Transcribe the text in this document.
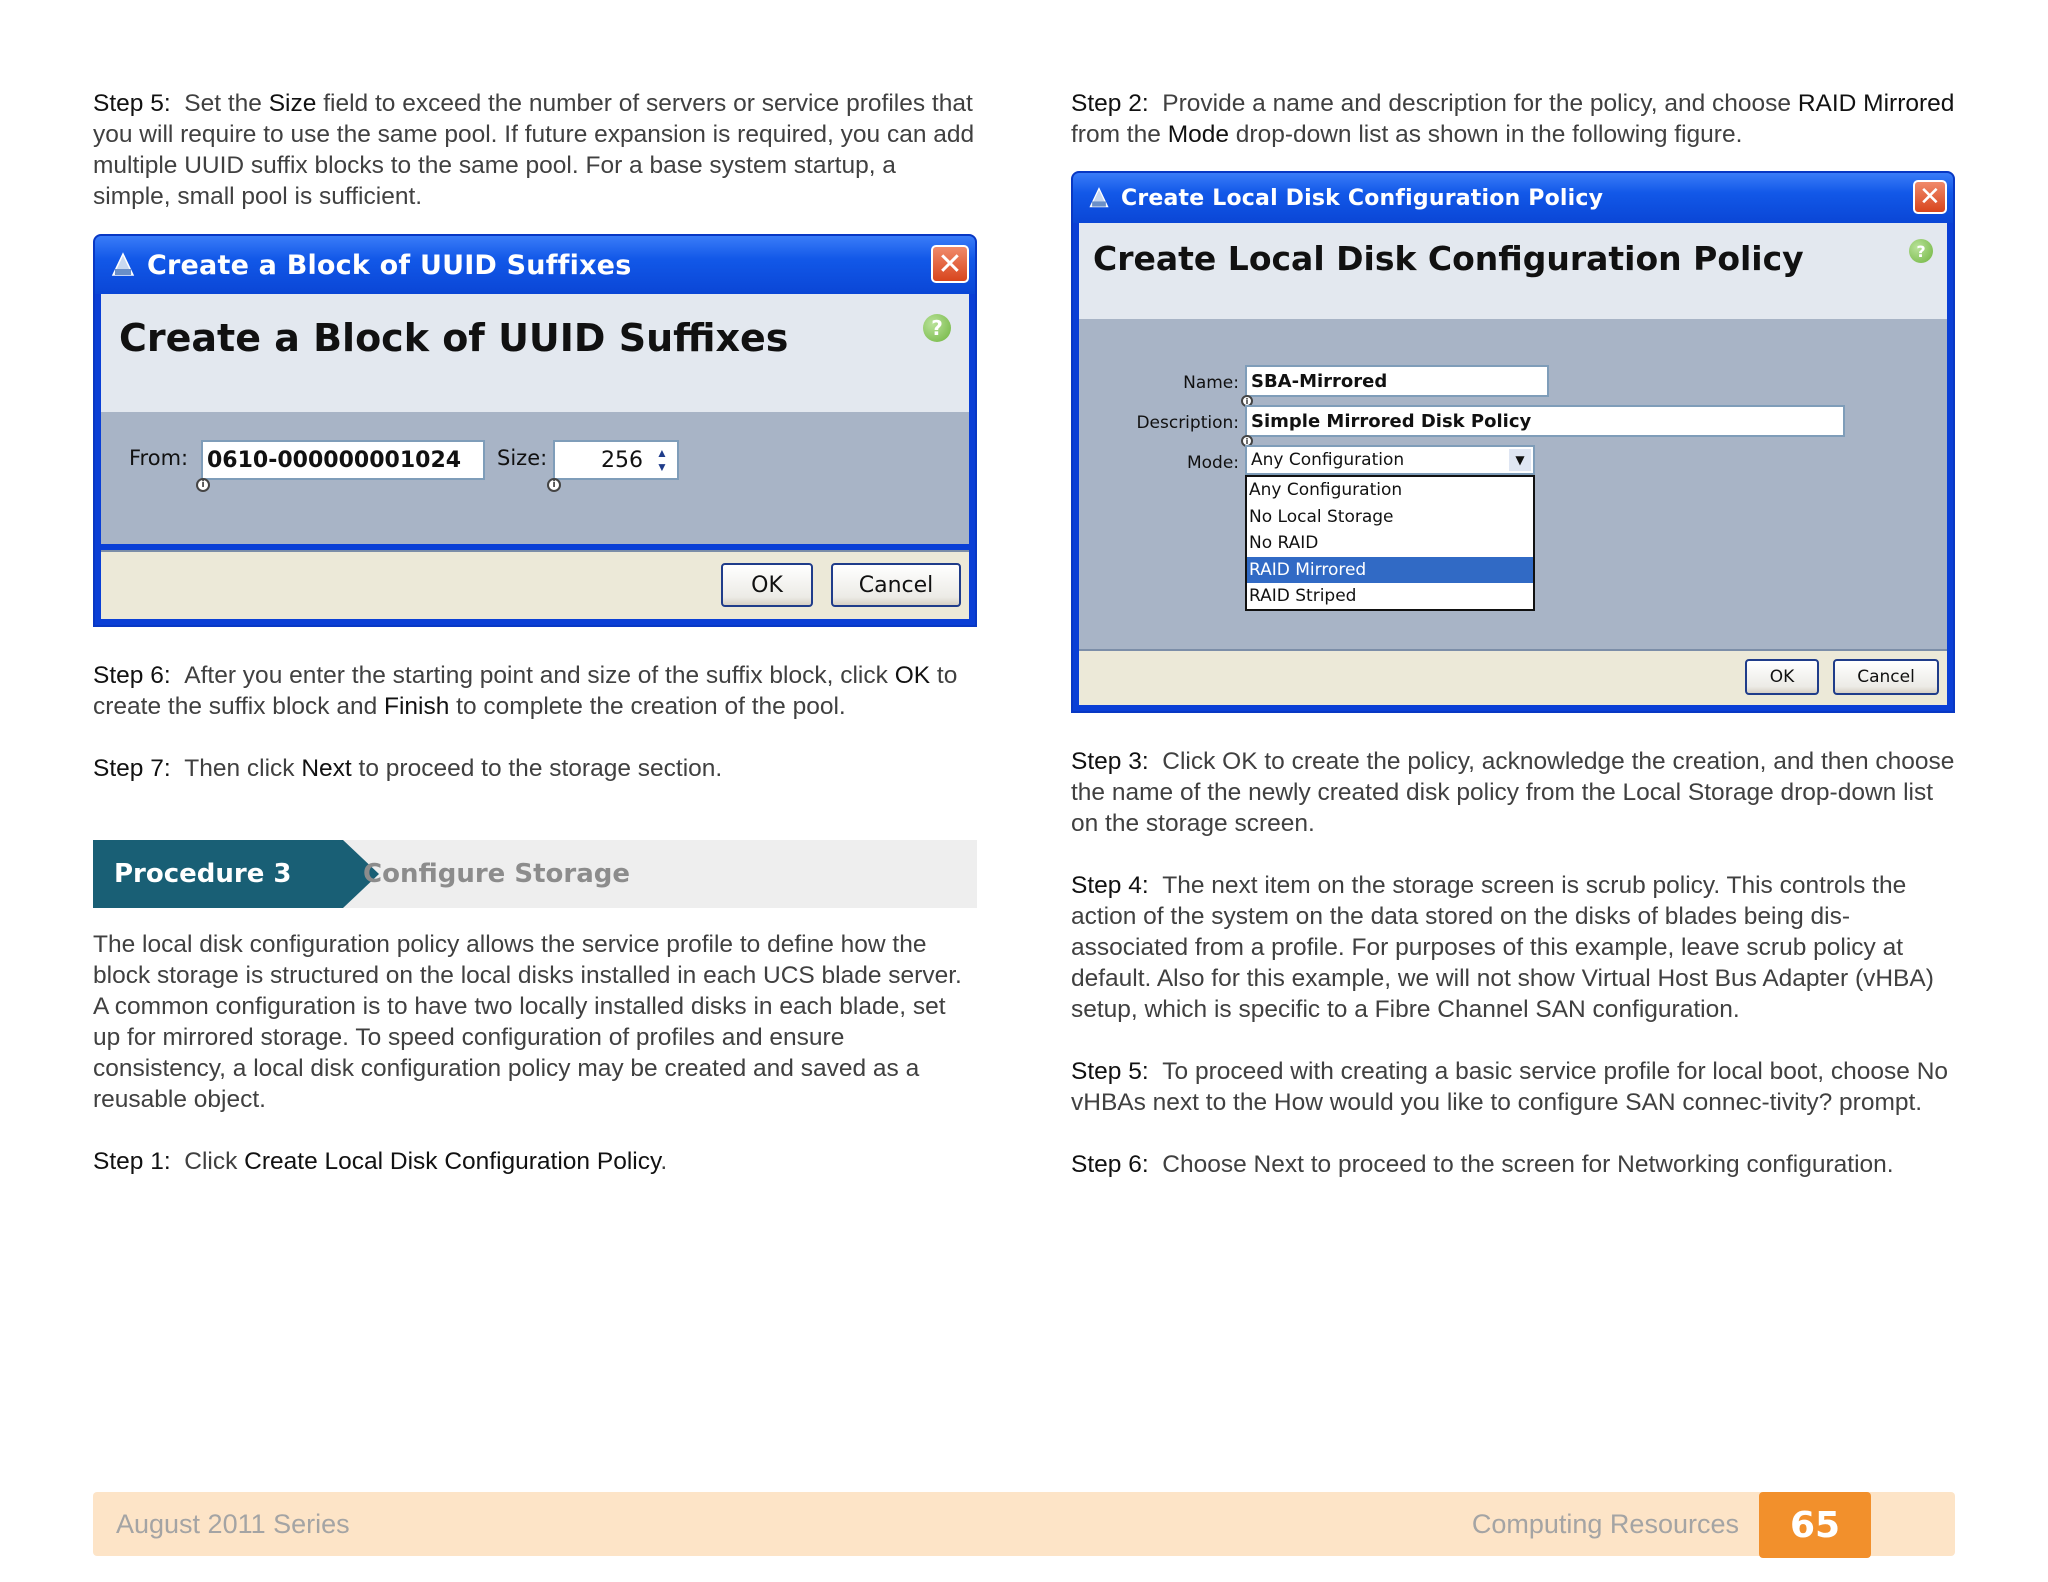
Step 5: Set the Size field to exceed the number of servers or service profiles that you will require to use the same pool. If future expansion is required, you can add multiple UUID suffix blocks to the same pool. For a base system startup, a simple, small pool is sufficient.

Create a Block of UUID Suffixes	✕
Create a Block of UUID Suffixes	?
From: 0610-000000001024
i
Size: 256	▲
▼
i
OK	Cancel

Step 6: After you enter the starting point and size of the suffix block, click OK to create the suffix block and Finish to complete the creation of the pool.

Step 7: Then click Next to proceed to the storage section.

Procedure 3	Configure Storage

The local disk configuration policy allows the service profile to define how the block storage is structured on the local disks installed in each UCS blade server. A common configuration is to have two locally installed disks in each blade, set up for mirrored storage. To speed configuration of profiles and ensure consistency, a local disk configuration policy may be created and saved as a reusable object.

Step 1: Click Create Local Disk Configuration Policy.

Step 2: Provide a name and description for the policy, and choose RAID Mirrored from the Mode drop-down list as shown in the following figure.

Create Local Disk Configuration Policy	✕
Create Local Disk Configuration Policy	?
Name: SBA-Mirrored
i
Description: Simple Mirrored Disk Policy
i
Mode: Any Configuration	▼
Any Configuration
No Local Storage
No RAID
RAID Mirrored
RAID Striped
OK	Cancel

Step 3: Click OK to create the policy, acknowledge the creation, and then choose the name of the newly created disk policy from the Local Storage drop-down list on the storage screen.

Step 4: The next item on the storage screen is scrub policy. This controls the action of the system on the data stored on the disks of blades being dis-associated from a profile. For purposes of this example, leave scrub policy at default. Also for this example, we will not show Virtual Host Bus Adapter (vHBA) setup, which is specific to a Fibre Channel SAN configuration.

Step 5: To proceed with creating a basic service profile for local boot, choose No vHBAs next to the How would you like to configure SAN connec-tivity? prompt.

Step 6: Choose Next to proceed to the screen for Networking configuration.

August 2011 Series	Computing Resources	65
